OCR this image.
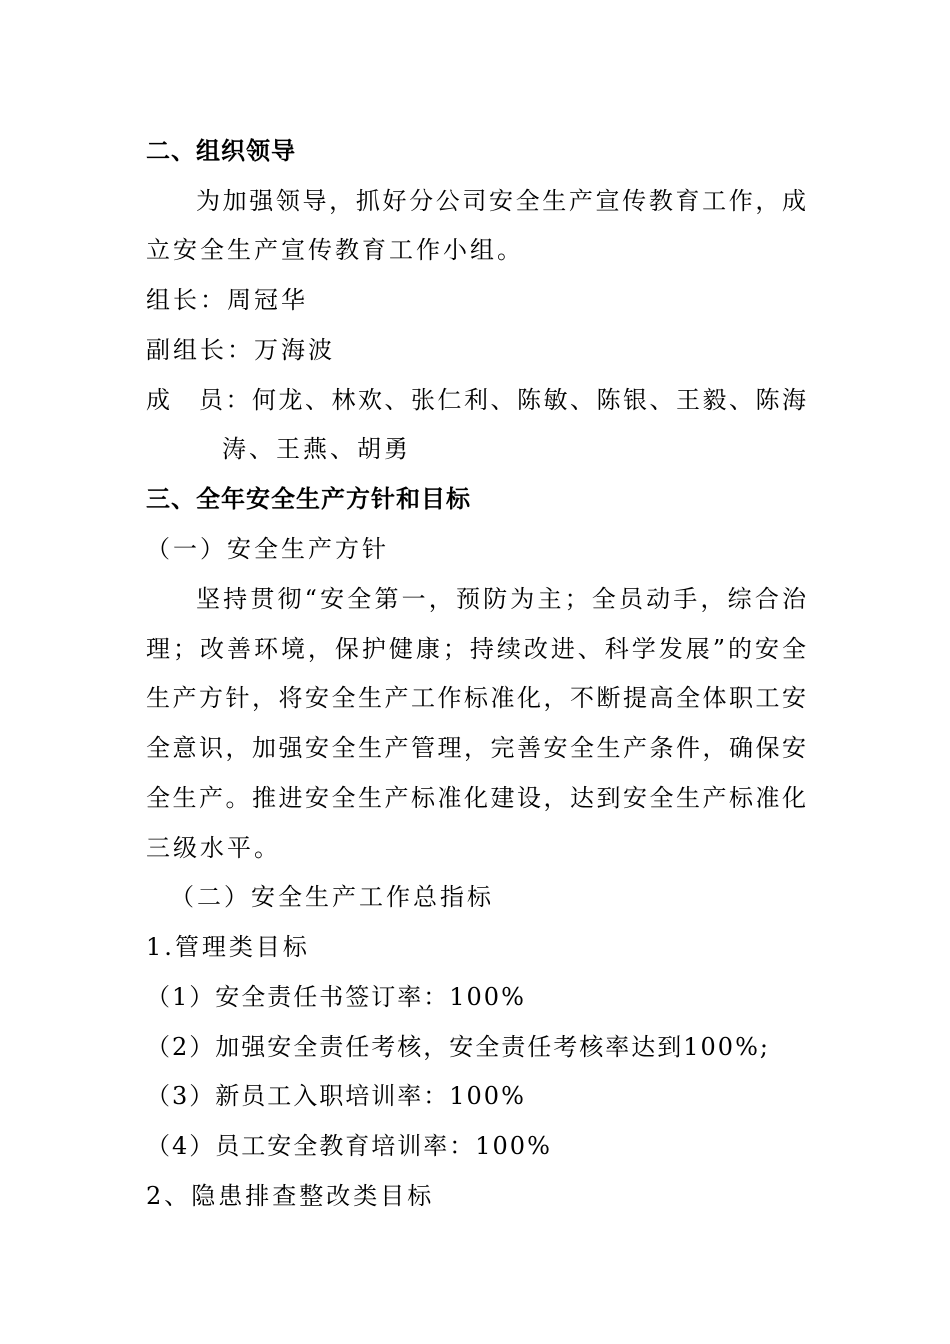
二、组织领导
为加强领导，抓好分公司安全生产宣传教育工作，成
立安全生产宣传教育工作小组。
组长：周冠华
副组长：万海波
成　员：何龙、林欢、张仁利、陈敏、陈银、王毅、陈海
涛、王燕、胡勇
三、全年安全生产方针和目标
（一）安全生产方针
坚持贯彻“安全第一，预防为主；全员动手，综合治
理；改善环境，保护健康；持续改进、科学发展”的安全
生产方针，将安全生产工作标准化，不断提高全体职工安
全意识，加强安全生产管理，完善安全生产条件，确保安
全生产。推进安全生产标准化建设，达到安全生产标准化
三级水平。
（二）安全生产工作总指标
1.管理类目标
（1）安全责任书签订率：100%
（2）加强安全责任考核，安全责任考核率达到100%;
（3）新员工入职培训率：100%
（4）员工安全教育培训率：100%
2、隐患排查整改类目标
